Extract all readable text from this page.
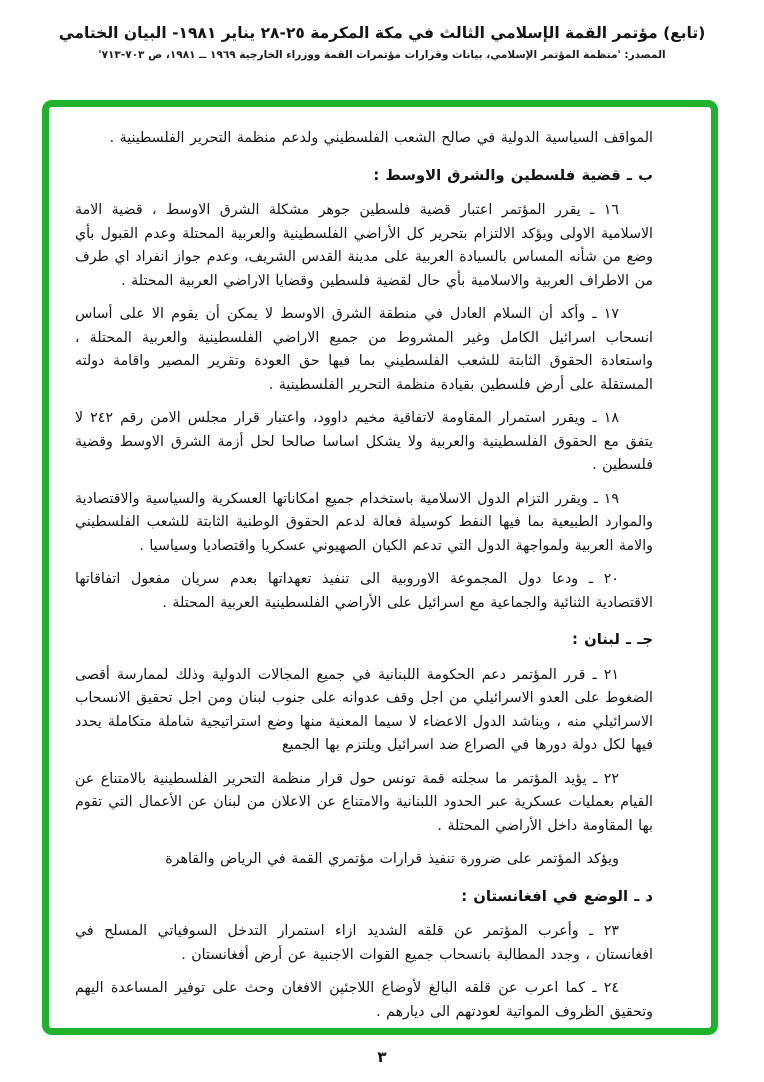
(تابع) مؤتمر القمة الإسلامي الثالث في مكة المكرمة ٢٥-٢٨ يناير ١٩٨١- البيان الختامي
المصدر: 'منظمة المؤتمر الإسلامي، بيانات وقرارات مؤتمرات القمة ووزراء الخارجية ١٩٦٩ ــ ١٩٨١، ص ٧٠٣-٧١٣'
المواقف السياسية الدولية في صالح الشعب الفلسطيني ولدعم منظمة التحرير الفلسطينية .
ب ـ قضية فلسطين والشرق الاوسط :
١٦ ـ يقرر المؤتمر اعتبار قضية فلسطين جوهر مشكلة الشرق الاوسط ، قضية الامة الاسلامية الاولى ويؤكد الالتزام بتحرير كل الأراضي الفلسطينية والعربية المحتلة وعدم القبول بأي وضع من شأنه المساس بالسيادة العربية على مدينة القدس الشريف، وعدم جواز انفراد اي طرف من الاطراف العربية والاسلامية بأي حال لقضية فلسطين وقضايا الاراضي العربية المحتلة .
١٧ ـ وأكد أن السلام العادل في منطقة الشرق الاوسط لا يمكن أن يقوم الا على أساس انسحاب اسرائيل الكامل وغير المشروط من جميع الاراضي الفلسطينية والعربية المحتلة ، واستعادة الحقوق الثابتة للشعب الفلسطيني بما فيها حق العودة وتقرير المصير واقامة دولته المستقلة على أرض فلسطين بقيادة منظمة التحرير الفلسطينية .
١٨ ـ ويقرر استمرار المقاومة لاتفاقية مخيم داوود، واعتبار قرار مجلس الامن رقم ٢٤٢ لا يتفق مع الحقوق الفلسطينية والعربية ولا يشكل اساسا صالحا لحل أزمة الشرق الاوسط وقضية فلسطين .
١٩ ـ ويقرر التزام الدول الاسلامية باستخدام جميع امكاناتها العسكرية والسياسية والاقتصادية والموارد الطبيعية بما فيها النفط كوسيلة فعالة لدعم الحقوق الوطنية الثابتة للشعب الفلسطيني والامة العربية ولمواجهة الدول التي تدعم الكيان الصهيوني عسكريا واقتصاديا وسياسيا .
٢٠ ـ ودعا دول المجموعة الاوروبية الى تنفيذ تعهداتها بعدم سريان مفعول اتفاقاتها الاقتصادية الثنائية والجماعية مع اسرائيل على الأراضي الفلسطينية العربية المحتلة .
جـ ـ لبنان :
٢١ ـ قرر المؤتمر دعم الحكومة اللبنانية في جميع المجالات الدولية وذلك لممارسة أقصى الضغوط على العدو الاسرائيلي من اجل وقف عدوانه على جنوب لبنان ومن اجل تحقيق الانسحاب الاسرائيلي منه ، ويناشد الدول الاعضاء لا سيما المعنية منها وضع استراتيجية شاملة متكاملة يحدد فيها لكل دولة دورها في الصراع ضد اسرائيل ويلتزم بها الجميع
٢٢ ـ يؤيد المؤتمر ما سجلته قمة تونس حول قرار منظمة التحرير الفلسطينية بالامتناع عن القيام بعمليات عسكرية عبر الحدود اللبنانية والامتناع عن الاعلان من لبنان عن الأعمال التي تقوم بها المقاومة داخل الأراضي المحتلة .
ويؤكد المؤتمر على ضرورة تنفيذ قرارات مؤتمري القمة في الرياض والقاهرة
د ـ الوضع في افغانستان :
٢٣ ـ وأعرب المؤتمر عن قلقه الشديد ازاء استمرار التدخل السوفياتي المسلح في افغانستان ، وجدد المطالبة بانسحاب جميع القوات الاجنبية عن أرض أفغانستان .
٢٤ ـ كما اعرب عن قلقه البالغ لأوضاع اللاجئين الافغان وحث على توفير المساعدة اليهم وتحقيق الظروف المواتية لعودتهم الى ديارهم .
٣
